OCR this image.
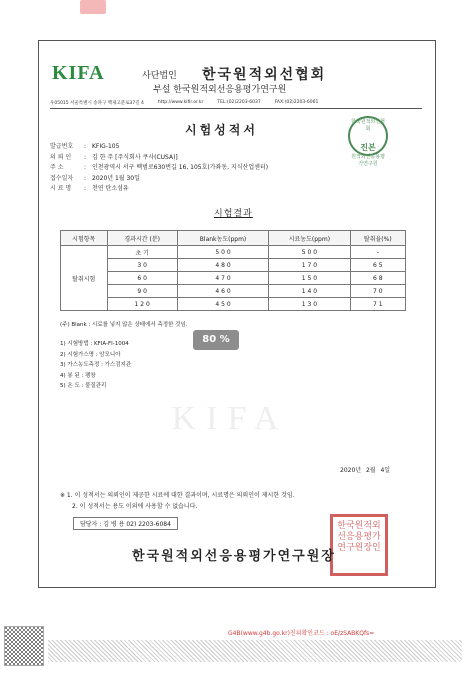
KIFA	사단법인 한국원적외선협회
부설 한국원적외선응용평가연구원
우05015 서울특별시 송파구 백제고분로37길 4	http://www.kifir.or.kr	TEL:(02)2203-6037	FAX:(02)2203-6061
시험성적서
한국원적외선협회
진본
원적외선응용평가연구원
발급번호	: KFIG-105
의 뢰 인	: 김 한 주 [주식회사 쿠사(CUSA)]
주 소	: 인천광역시 서구 백범로630번길 16, 105호(가좌동, 지식산업센터)
접수일자	: 2020년 1월 30일
시 료 명	: 천연 탄소섬유
시험결과
시험항목	경과시간 (분)	Blank농도(ppm)	시료농도(ppm)	탈취율(%)
탈취시험	초 기	5 0 0	5 0 0	-
	3 0	4 8 0	1 7 0	6 5
	6 0	4 7 0	1 5 0	6 8
	9 0	4 6 0	1 4 0	7 0
	1 2 0	4 5 0	1 3 0	7 1
(주) Blank : 시료를 넣지 않은 상태에서 측정한 것임.
1) 시험방법 : KFIA-FI-1004
2) 시험가스명 : 암모니아
3) 가스농도측정 : 가스검지관
4) 봉 된 : 팽창
5) 온 도 : 물질관리
80 %
KIFA
2020년 2월 4일
※ 1. 이 성적서는 의뢰인이 제공한 시료에 대한 결과이며, 시료명은 의뢰인이 제시한 것임.
2. 이 성적서는 용도 이외에 사용할 수 없습니다.
담당자 : 김 병 용 02) 2203-6084	한국원적외선응용평가연구원장인
한국원적외선응용평가연구원장
G4B(www.g4b.go.kr)진위확인코드 : oE/zSABKQfs=
